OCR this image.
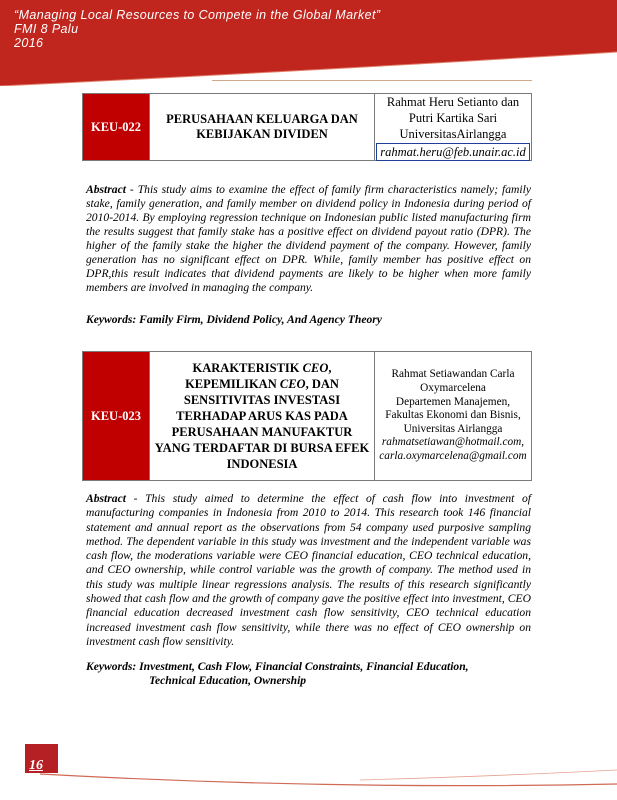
“Managing Local Resources to Compete in the Global Market”
FMI 8 Palu
2016
KEU-022
PERUSAHAAN KELUARGA DAN
KEBIJAKAN DIVIDEN
Rahmat Heru Setianto dan
Putri Kartika Sari
UniversitasAirlangga
rahmat.heru@feb.unair.ac.id
Abstract - This study aims to examine the effect of family firm characteristics namely; family stake, family generation, and family member on dividend policy in Indonesia during period of 2010-2014. By employing regression technique on Indonesian public listed manufacturing firm the results suggest that family stake has a positive effect on dividend payout ratio (DPR). The higher of the family stake the higher the dividend payment of the company. However, family generation has no significant effect on DPR. While, family member has positive effect on DPR,this result indicates that dividend payments are likely to be higher when more family members are involved in managing the company.
Keywords: Family Firm, Dividend Policy, And Agency Theory
KEU-023
KARAKTERISTIK CEO,
KEPEMILIKAN CEO, DAN
SENSITIVITAS INVESTASI
TERHADAP ARUS KAS PADA
PERUSAHAAN MANUFAKTUR
YANG TERDAFTAR DI BURSA EFEK
INDONESIA
Rahmat Setiawandan Carla
Oxymarcelena
Departemen Manajemen,
Fakultas Ekonomi dan Bisnis,
Universitas Airlangga
rahmatsetiawan@hotmail.com,
carla.oxymarcelena@gmail.com
Abstract - This study aimed to determine the effect of cash flow into investment of manufacturing companies in Indonesia from 2010 to 2014. This research took 146 financial statement and annual report as the observations from 54 company used purposive sampling method. The dependent variable in this study was investment and the independent variable was cash flow, the moderations variable were CEO financial education, CEO technical education, and CEO ownership, while control variable was the growth of company. The method used in this study was multiple linear regressions analysis. The results of this research significantly showed that cash flow and the growth of company gave the positive effect into investment, CEO financial education decreased investment cash flow sensitivity, CEO technical education increased investment cash flow sensitivity, while there was no effect of CEO ownership on investment cash flow sensitivity.
Keywords: Investment, Cash Flow, Financial Constraints, Financial Education,
Technical Education, Ownership
16
